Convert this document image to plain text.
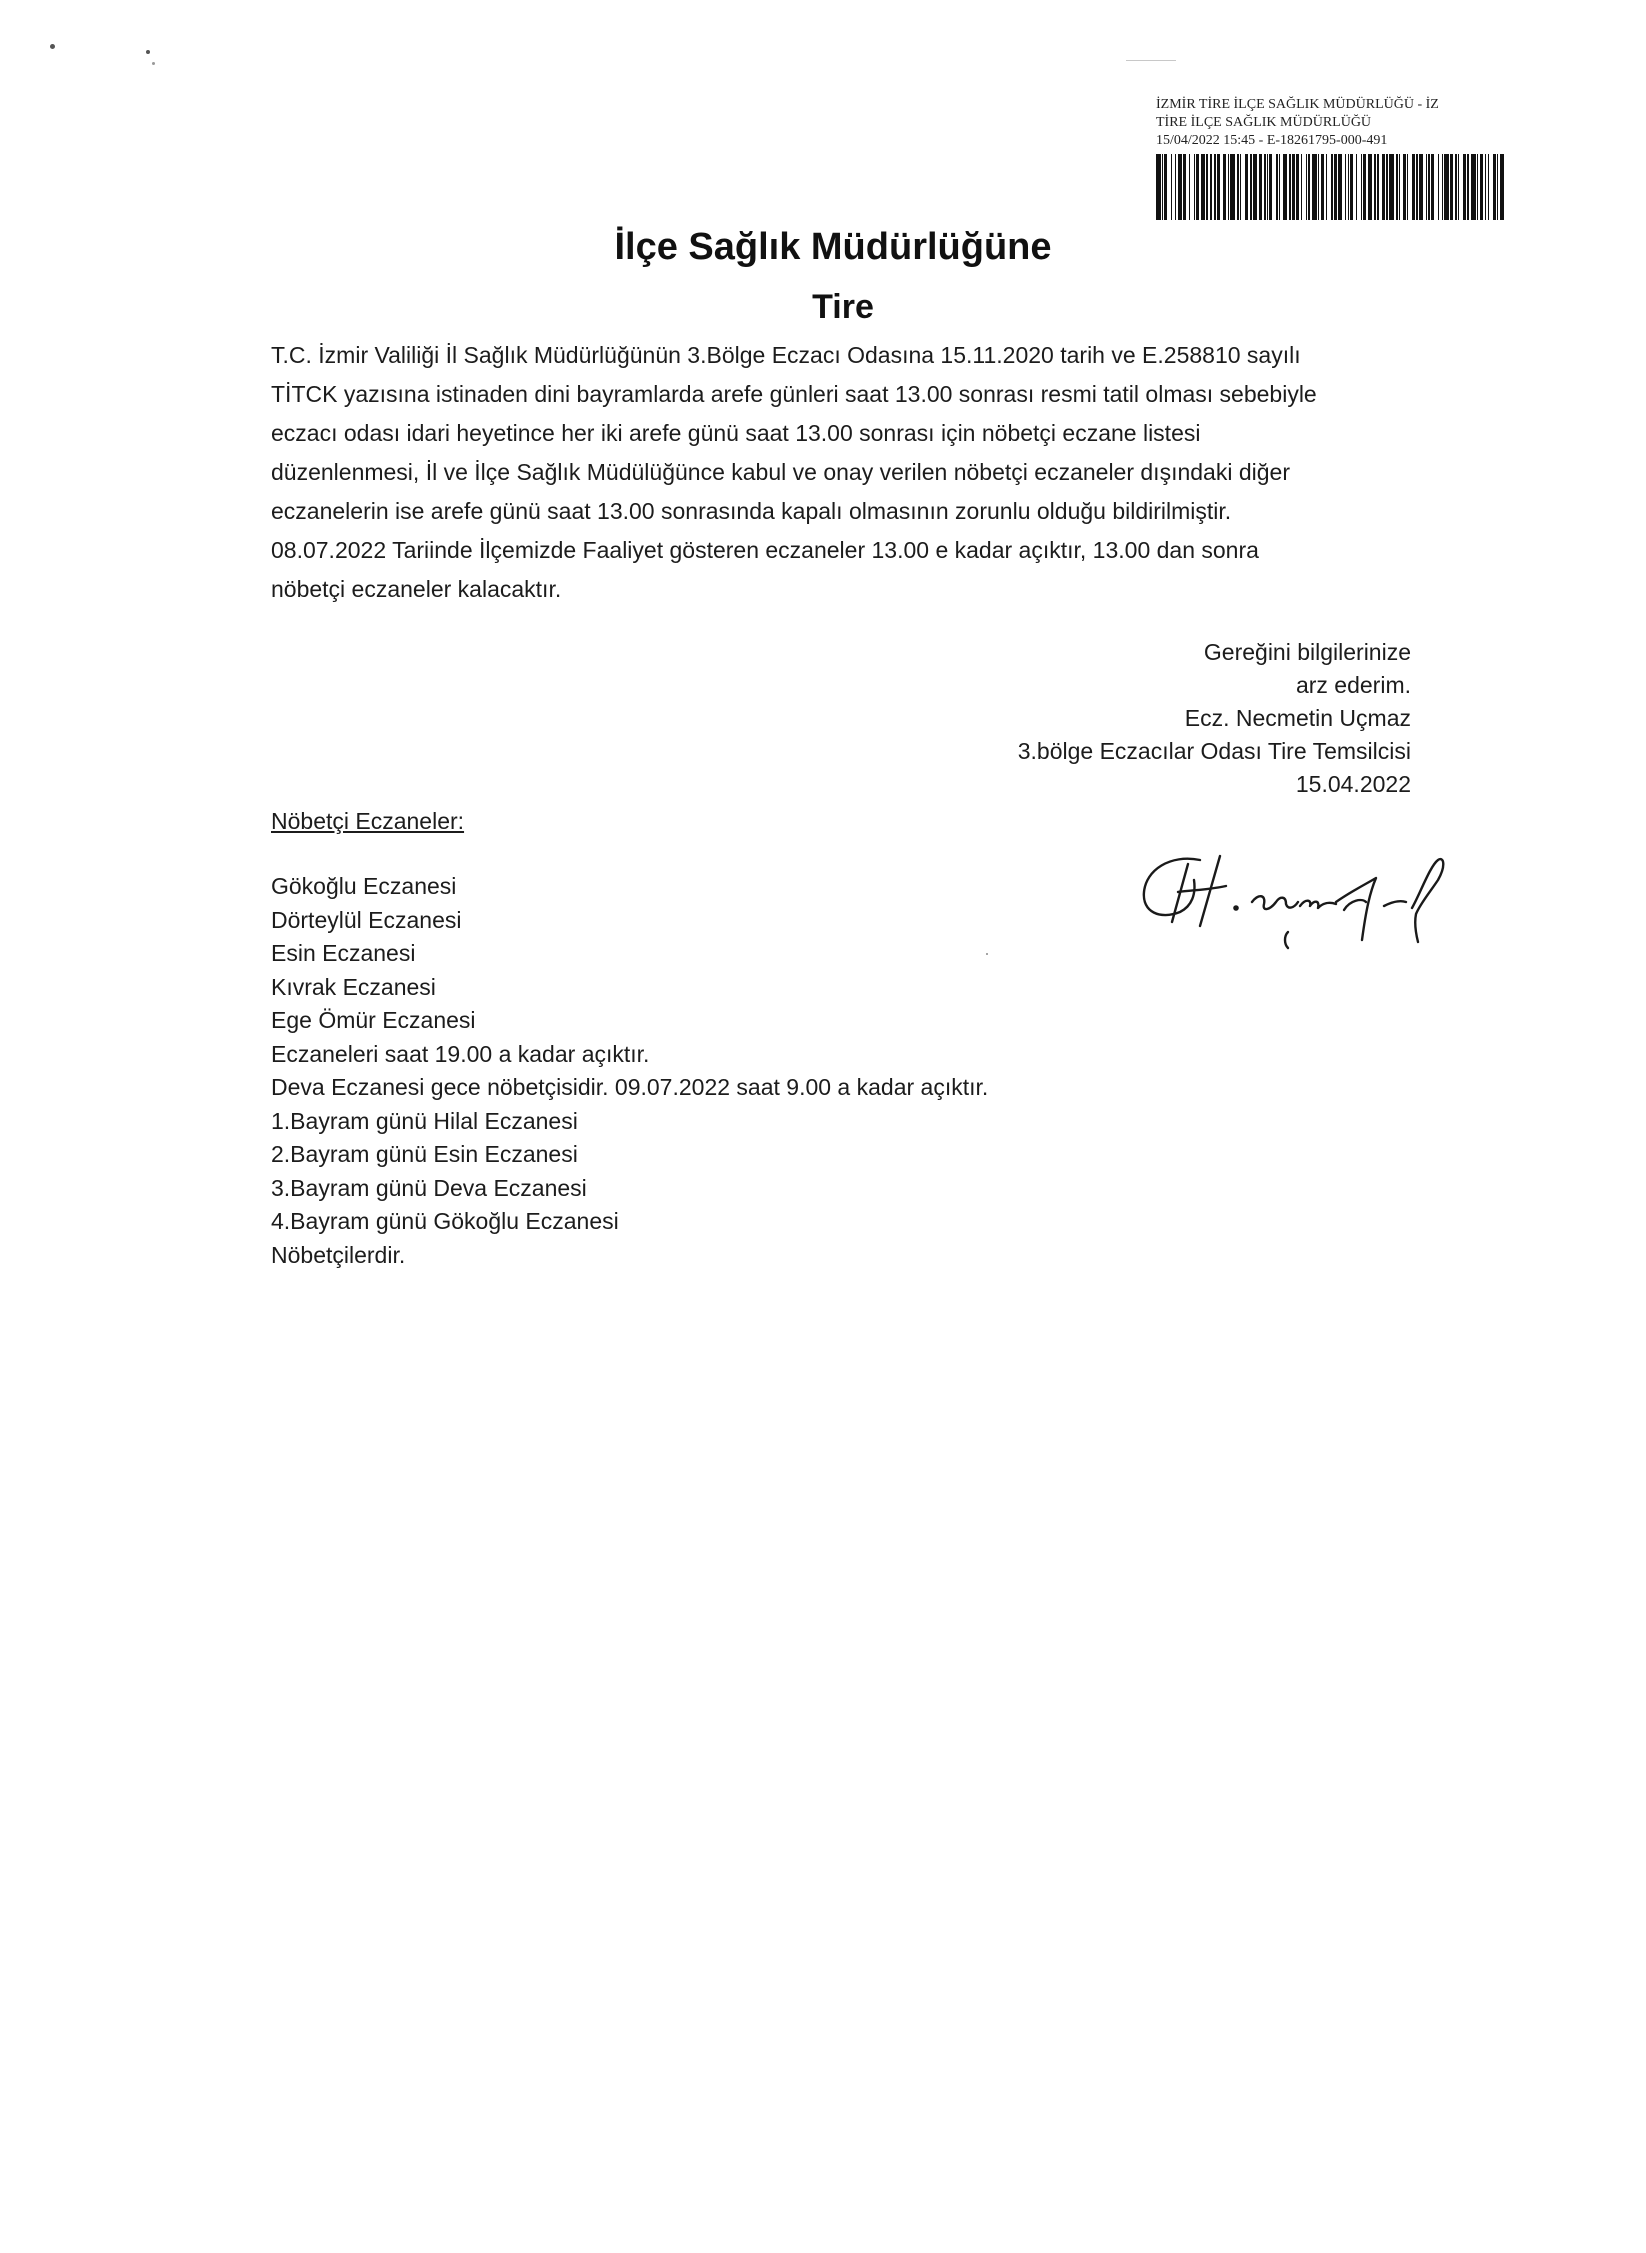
İZMİR TİRE İLÇE SAĞLIK MÜDÜRLÜĞÜ - İZ
TİRE İLÇE SAĞLIK MÜDÜRLÜĞÜ
15/04/2022 15:45 - E-18261795-000-491
İlçe Sağlık Müdürlüğüne
Tire
T.C. İzmir Valiliği İl Sağlık Müdürlüğünün 3.Bölge Eczacı Odasına 15.11.2020 tarih ve E.258810 sayılı
TİTCK yazısına istinaden dini bayramlarda arefe günleri saat 13.00 sonrası resmi tatil olması sebebiyle
eczacı odası idari heyetince her iki arefe günü saat 13.00 sonrası için nöbetçi eczane listesi
düzenlenmesi, İl ve İlçe Sağlık Müdülüğünce kabul ve onay verilen nöbetçi eczaneler dışındaki diğer
eczanelerin ise arefe günü saat 13.00 sonrasında kapalı olmasının zorunlu olduğu bildirilmiştir.
08.07.2022 Tariinde İlçemizde Faaliyet gösteren eczaneler 13.00 e kadar açıktır, 13.00 dan sonra
nöbetçi eczaneler kalacaktır.
Gereğini bilgilerinize
arz ederim.
Ecz. Necmetin Uçmaz
3.bölge Eczacılar Odası Tire Temsilcisi
15.04.2022
Nöbetçi Eczaneler:
Gökoğlu Eczanesi
Dörteylül Eczanesi
Esin Eczanesi
Kıvrak Eczanesi
Ege Ömür Eczanesi
Eczaneleri saat 19.00 a kadar açıktır.
Deva Eczanesi gece nöbetçisidir. 09.07.2022 saat 9.00 a kadar açıktır.
1.Bayram günü Hilal Eczanesi
2.Bayram günü Esin Eczanesi
3.Bayram günü Deva Eczanesi
4.Bayram günü Gökoğlu Eczanesi
Nöbetçilerdir.
